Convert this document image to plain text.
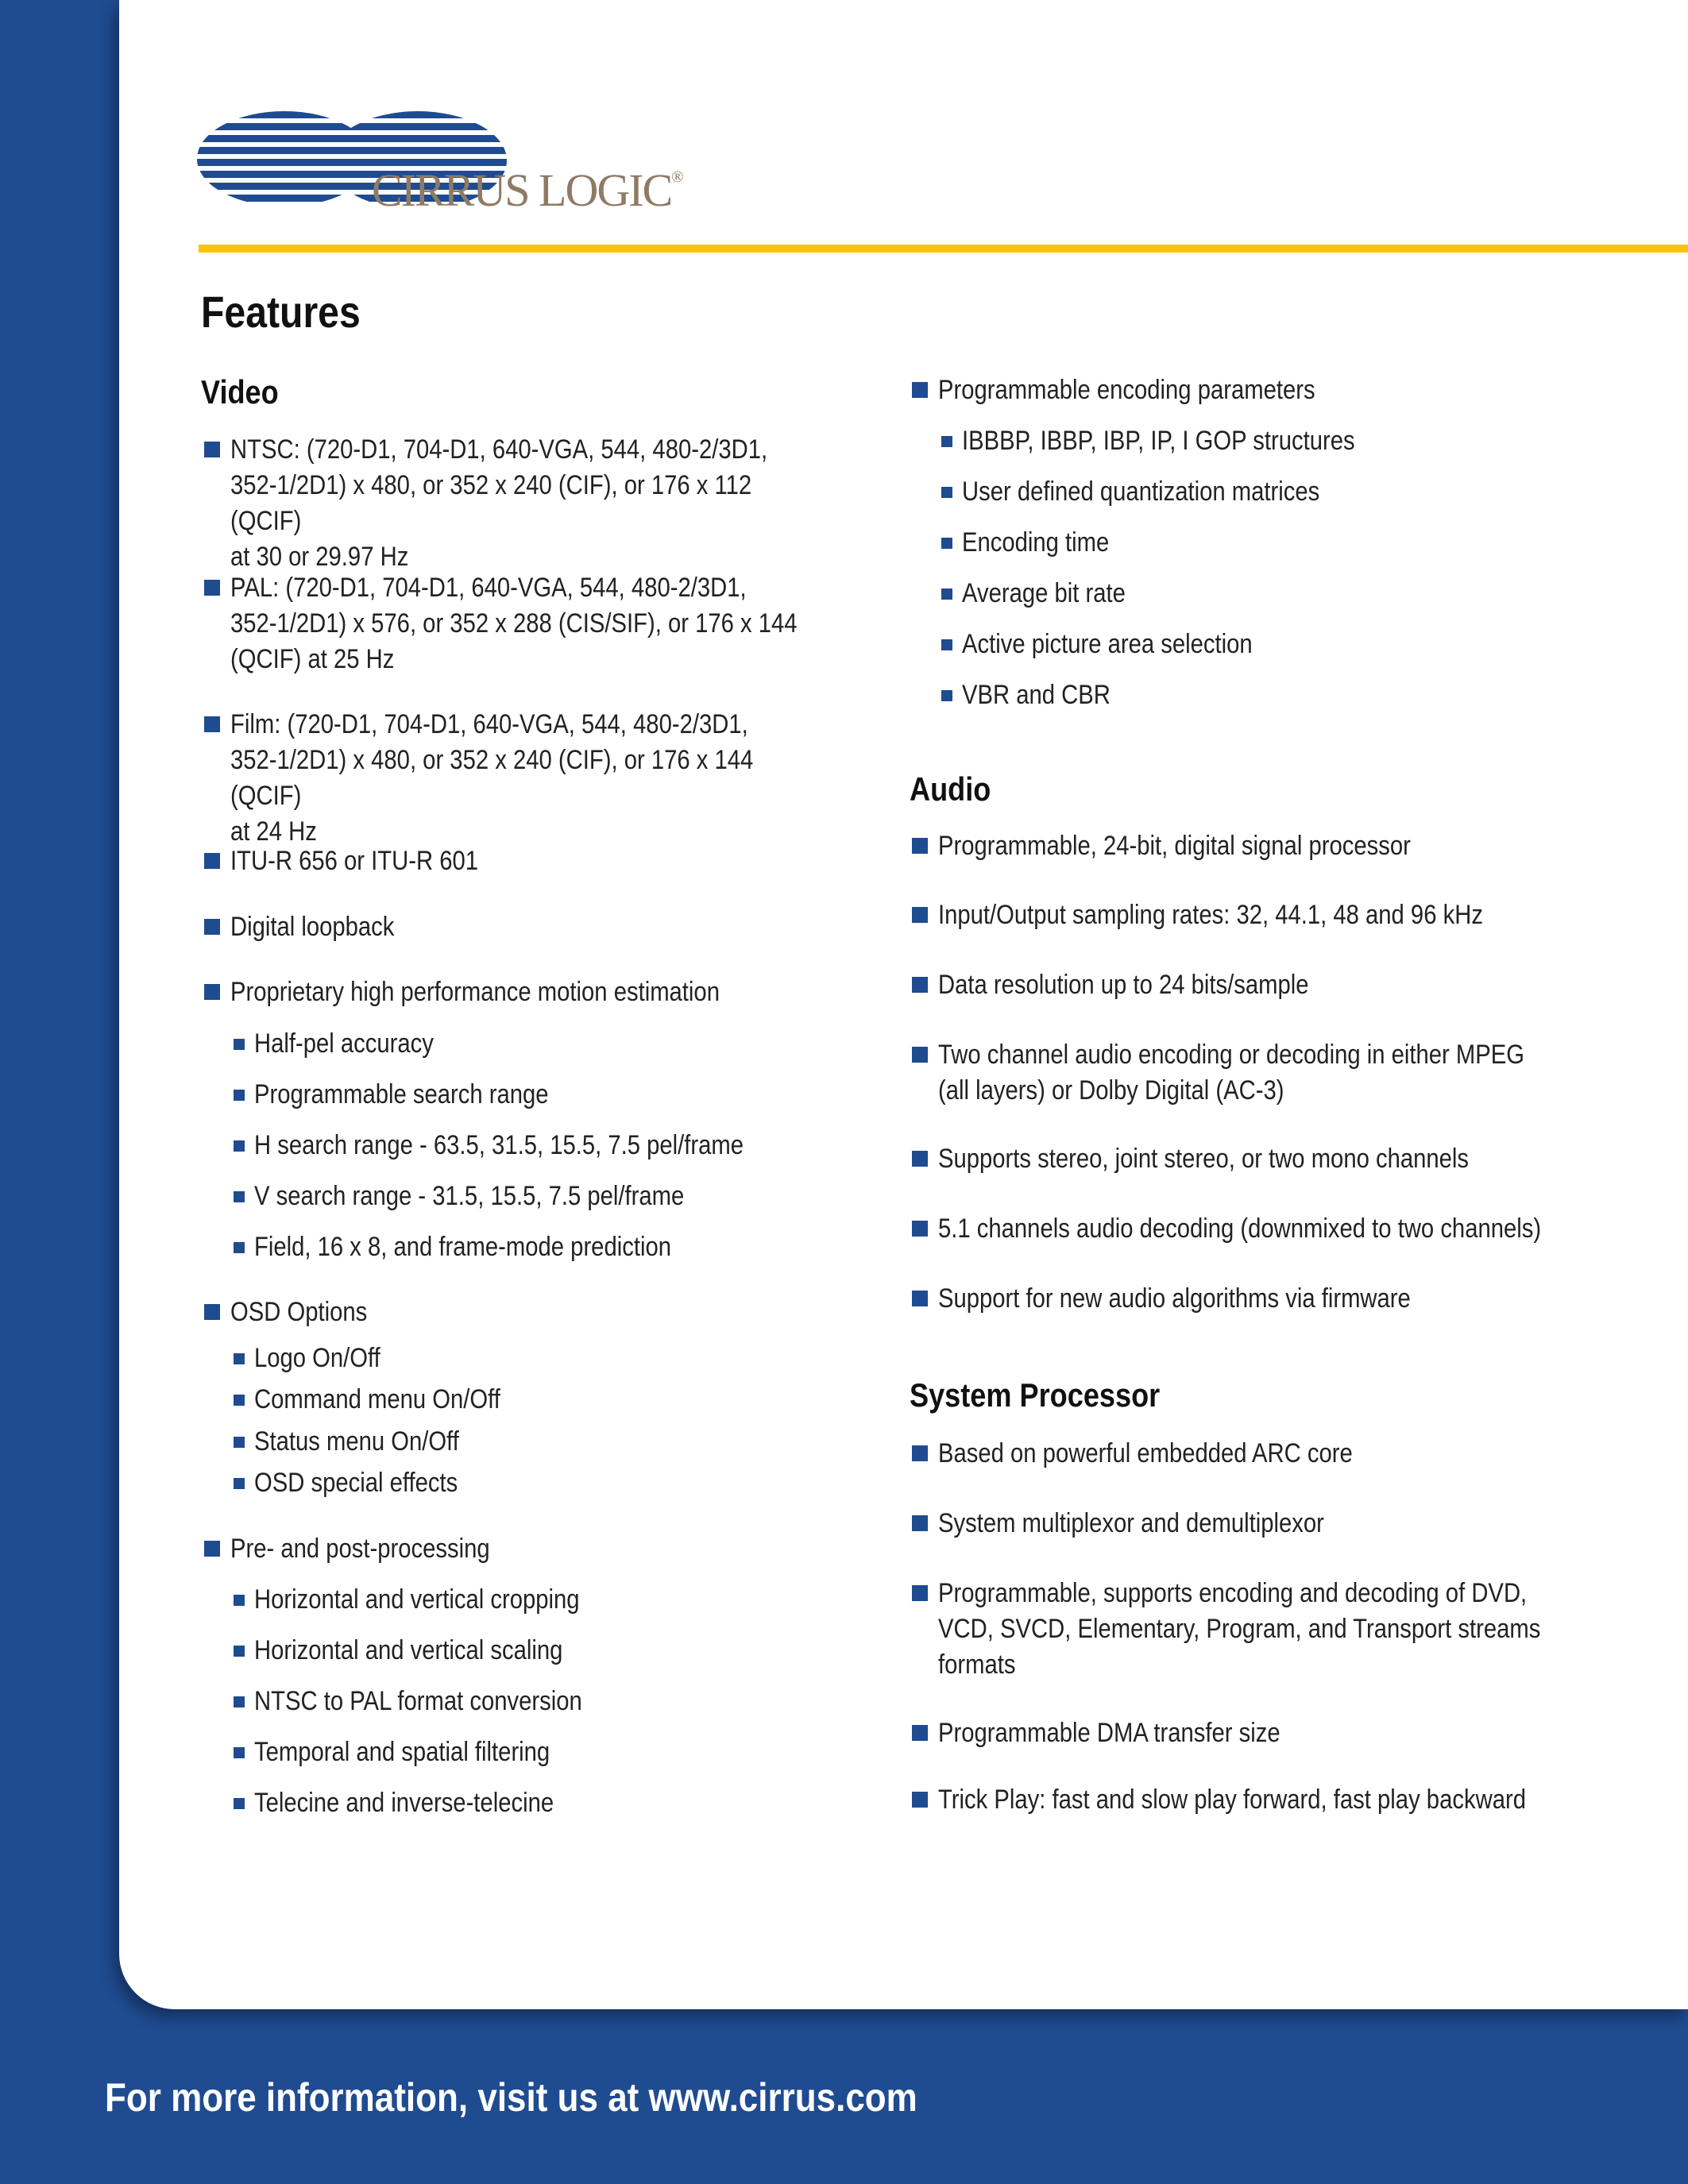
CIRRUS LOGIC®
Features
Video
NTSC: (720-D1, 704-D1, 640-VGA, 544, 480-2/3D1,
352-1/2D1) x 480, or 352 x 240 (CIF), or 176 x 112 (QCIF)
at 30 or 29.97 Hz
PAL: (720-D1, 704-D1, 640-VGA, 544, 480-2/3D1,
352-1/2D1) x 576, or 352 x 288 (CIS/SIF), or 176 x 144
(QCIF) at 25 Hz
Film: (720-D1, 704-D1, 640-VGA, 544, 480-2/3D1,
352-1/2D1) x 480, or 352 x 240 (CIF), or 176 x 144 (QCIF)
at 24 Hz
ITU-R 656 or ITU-R 601
Digital loopback
Proprietary high performance motion estimation
Half-pel accuracy
Programmable search range
H search range - 63.5, 31.5, 15.5, 7.5 pel/frame
V search range - 31.5, 15.5, 7.5 pel/frame
Field, 16 x 8, and frame-mode prediction
OSD Options
Logo On/Off
Command menu On/Off
Status menu On/Off
OSD special effects
Pre- and post-processing
Horizontal and vertical cropping
Horizontal and vertical scaling
NTSC to PAL format conversion
Temporal and spatial filtering
Telecine and inverse-telecine
Programmable encoding parameters
IBBBP, IBBP, IBP, IP, I GOP structures
User defined quantization matrices
Encoding time
Average bit rate
Active picture area selection
VBR and CBR
Audio
Programmable, 24-bit, digital signal processor
Input/Output sampling rates: 32, 44.1, 48 and 96 kHz
Data resolution up to 24 bits/sample
Two channel audio encoding or decoding in either MPEG
(all layers) or Dolby Digital (AC-3)
Supports stereo, joint stereo, or two mono channels
5.1 channels audio decoding (downmixed to two channels)
Support for new audio algorithms via firmware
System Processor
Based on powerful embedded ARC core
System multiplexor and demultiplexor
Programmable, supports encoding and decoding of DVD,
VCD, SVCD, Elementary, Program, and Transport streams
formats
Programmable DMA transfer size
Trick Play: fast and slow play forward, fast play backward
For more information, visit us at www.cirrus.com
